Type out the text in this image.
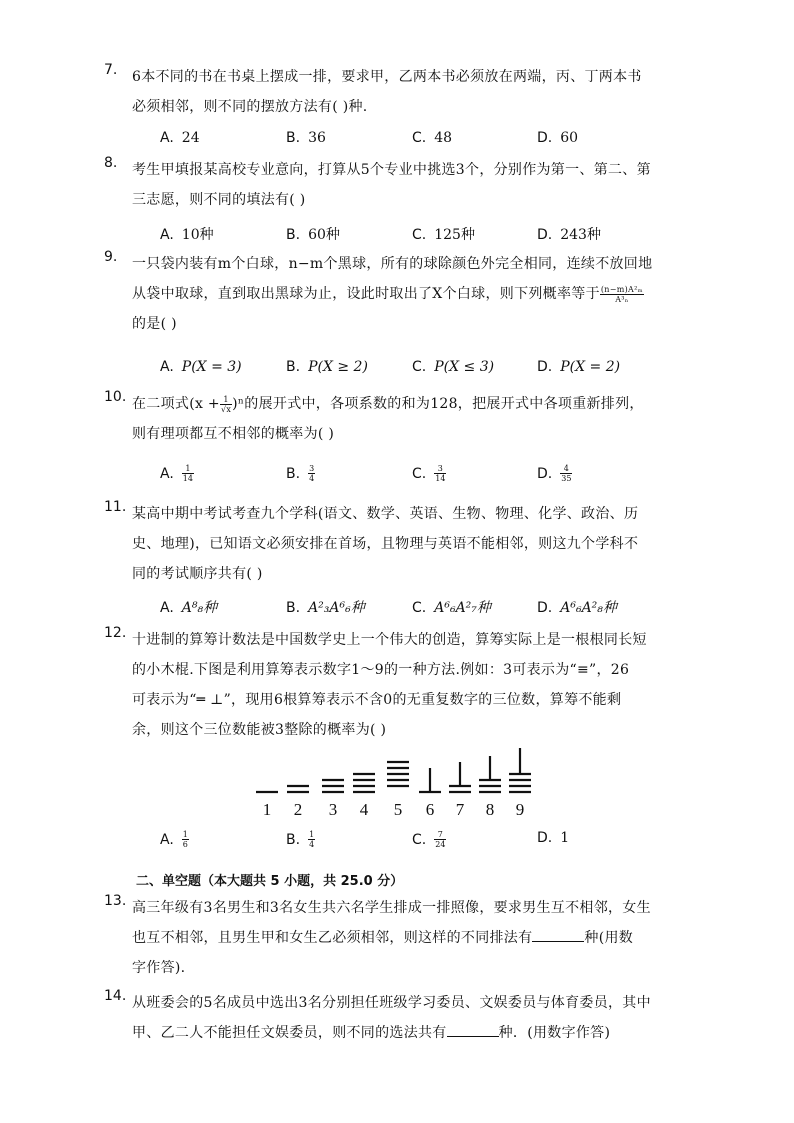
7. 6本不同的书在书桌上摆成一排，要求甲，乙两本书必须放在两端，丙、丁两本书
必须相邻，则不同的摆放方法有( )种.
A. 24	B. 36	C. 48	D. 60
8. 考生甲填报某高校专业意向，打算从5个专业中挑选3个，分别作为第一、第二、第
三志愿，则不同的填法有( )
A. 10种	B. 60种	C. 125种	D. 243种
9. 一只袋内装有m个白球，n−m个黑球，所有的球除颜色外完全相同，连续不放回地
从袋中取球，直到取出黑球为止，设此时取出了X个白球，则下列概率等于 $\frac{\text{(n−m)A²ₘ}}{\text{A³ₙ}}$
的是( )
A. P(X = 3)	B. P(X ≥ 2)	C. P(X ≤ 3)	D. P(X = 2)
10. 在二项式$(x + \frac{1}{√x} )^n$的展开式中，各项系数的和为128，把展开式中各项重新排列，
则有理项都互不相邻的概率为( )
A. $\frac{1}{14}$	B. $\frac{3}{4}$	C. $\frac{3}{14}$	D. $\frac{4}{35}$
11. 某高中期中考试考查九个学科(语文、数学、英语、生物、物理、化学、政治、历
史、地理)，已知语文必须安排在首场，且物理与英语不能相邻，则这九个学科不
同的考试顺序共有( )
A. A⁸₈种	B. A²₃A⁶₆种	C. A⁶₆A²₇种	D. A⁶₆A²₈种
12. 十进制的算筹计数法是中国数学史上一个伟大的创造，算筹实际上是一根根同长短
的小木棍.下图是利用算筹表示数字1～9的一种方法.例如：3可表示为“≡”，26
可表示为“═ ⊥”，现用6根算筹表示不含0的无重复数字的三位数，算筹不能剩
余，则这个三位数能被3整除的概率为( )
1 2 3 4 5 6 7 8 9
A. $\frac{1}{6}$	B. $\frac{1}{4}$	C. $\frac{7}{24}$	D. 1
二、单空题（本大题共 5 小题，共 25.0 分）
13. 高三年级有3名男生和3名女生共六名学生排成一排照像，要求男生互不相邻，女生
也互不相邻，且男生甲和女生乙必须相邻，则这样的不同排法有	种(用数
字作答).
14. 从班委会的5名成员中选出3名分别担任班级学习委员、文娱委员与体育委员，其中
甲、乙二人不能担任文娱委员，则不同的选法共有	种．(用数字作答)
